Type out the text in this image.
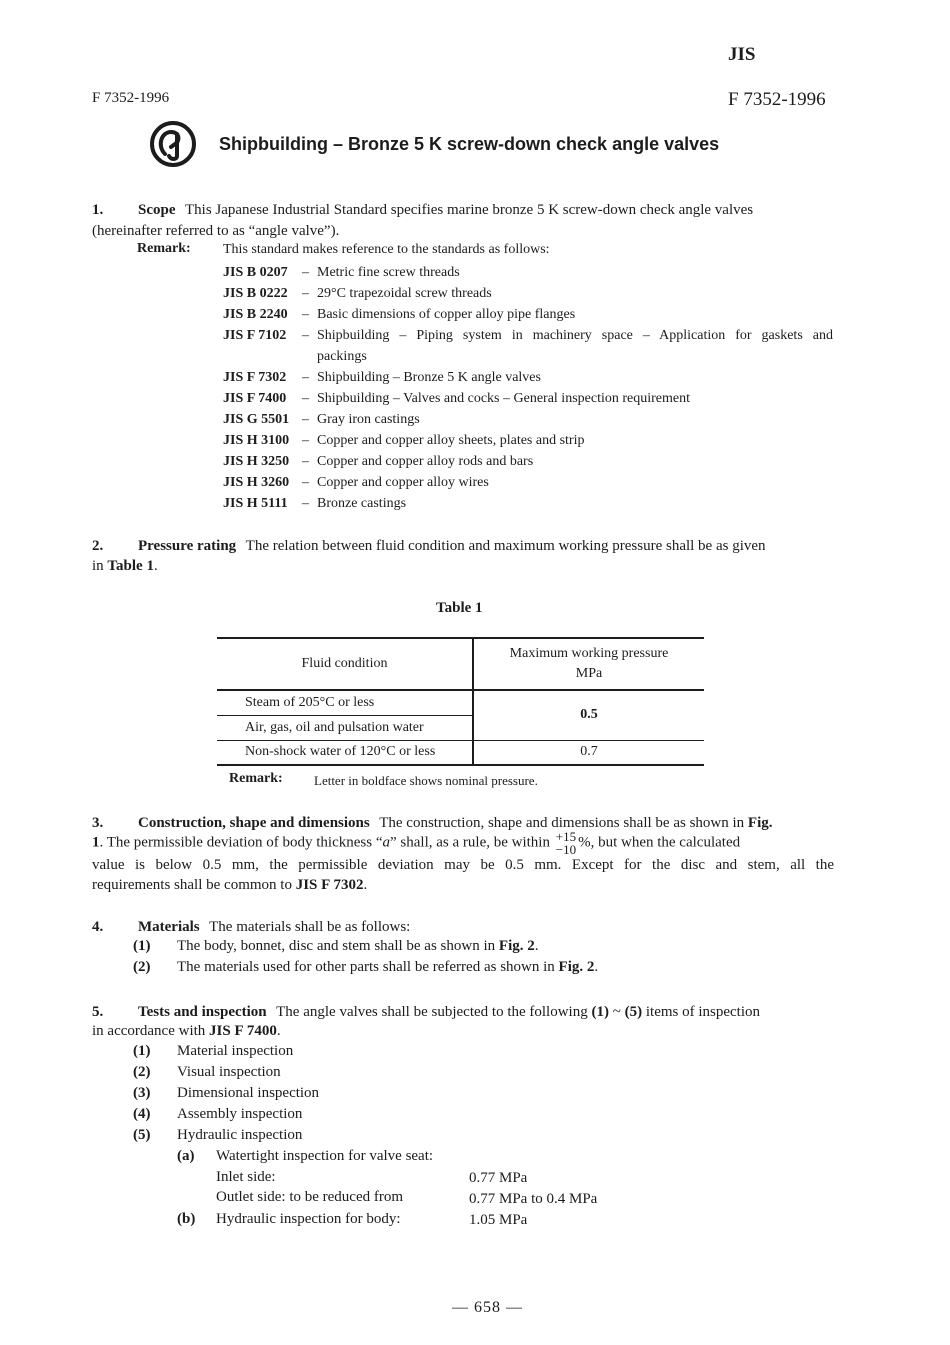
JIS
F 7352-1996	F 7352-1996
Shipbuilding – Bronze 5 K screw-down check angle valves
1. Scope This Japanese Industrial Standard specifies marine bronze 5 K screw-down check angle valves
(hereinafter referred to as “angle valve”).
Remark: This standard makes reference to the standards as follows:
JIS B 0207 – Metric fine screw threads
JIS B 0222 – 29°C trapezoidal screw threads
JIS B 2240 – Basic dimensions of copper alloy pipe flanges
JIS F 7102 – Shipbuilding – Piping system in machinery space – Application for gaskets and
packings
JIS F 7302 – Shipbuilding – Bronze 5 K angle valves
JIS F 7400 – Shipbuilding – Valves and cocks – General inspection requirement
JIS G 5501 – Gray iron castings
JIS H 3100 – Copper and copper alloy sheets, plates and strip
JIS H 3250 – Copper and copper alloy rods and bars
JIS H 3260 – Copper and copper alloy wires
JIS H 5111 – Bronze castings
2. Pressure rating The relation between fluid condition and maximum working pressure shall be as given
in Table 1.
Table 1
Fluid condition	Maximum working pressure
MPa

Steam of 205°C or less	0.5
Air, gas, oil and pulsation water	
Non-shock water of 120°C or less	0.7
Remark: Letter in boldface shows nominal pressure.
3. Construction, shape and dimensions The construction, shape and dimensions shall be as shown in Fig.
1. The permissible deviation of body thickness “a” shall, as a rule, be within +15
−10 %, but when the calculated
value is below 0.5 mm, the permissible deviation may be 0.5 mm. Except for the disc and stem, all the
requirements shall be common to JIS F 7302.
4. Materials The materials shall be as follows:
(1) The body, bonnet, disc and stem shall be as shown in Fig. 2.
(2) The materials used for other parts shall be referred as shown in Fig. 2.
5. Tests and inspection The angle valves shall be subjected to the following (1) ~ (5) items of inspection
in accordance with JIS F 7400.
(1) Material inspection
(2) Visual inspection
(3) Dimensional inspection
(4) Assembly inspection
(5) Hydraulic inspection
(a) Watertight inspection for valve seat:
Inlet side:	0.77 MPa
Outlet side: to be reduced from	0.77 MPa to 0.4 MPa
(b) Hydraulic inspection for body:	1.05 MPa
— 658 —
